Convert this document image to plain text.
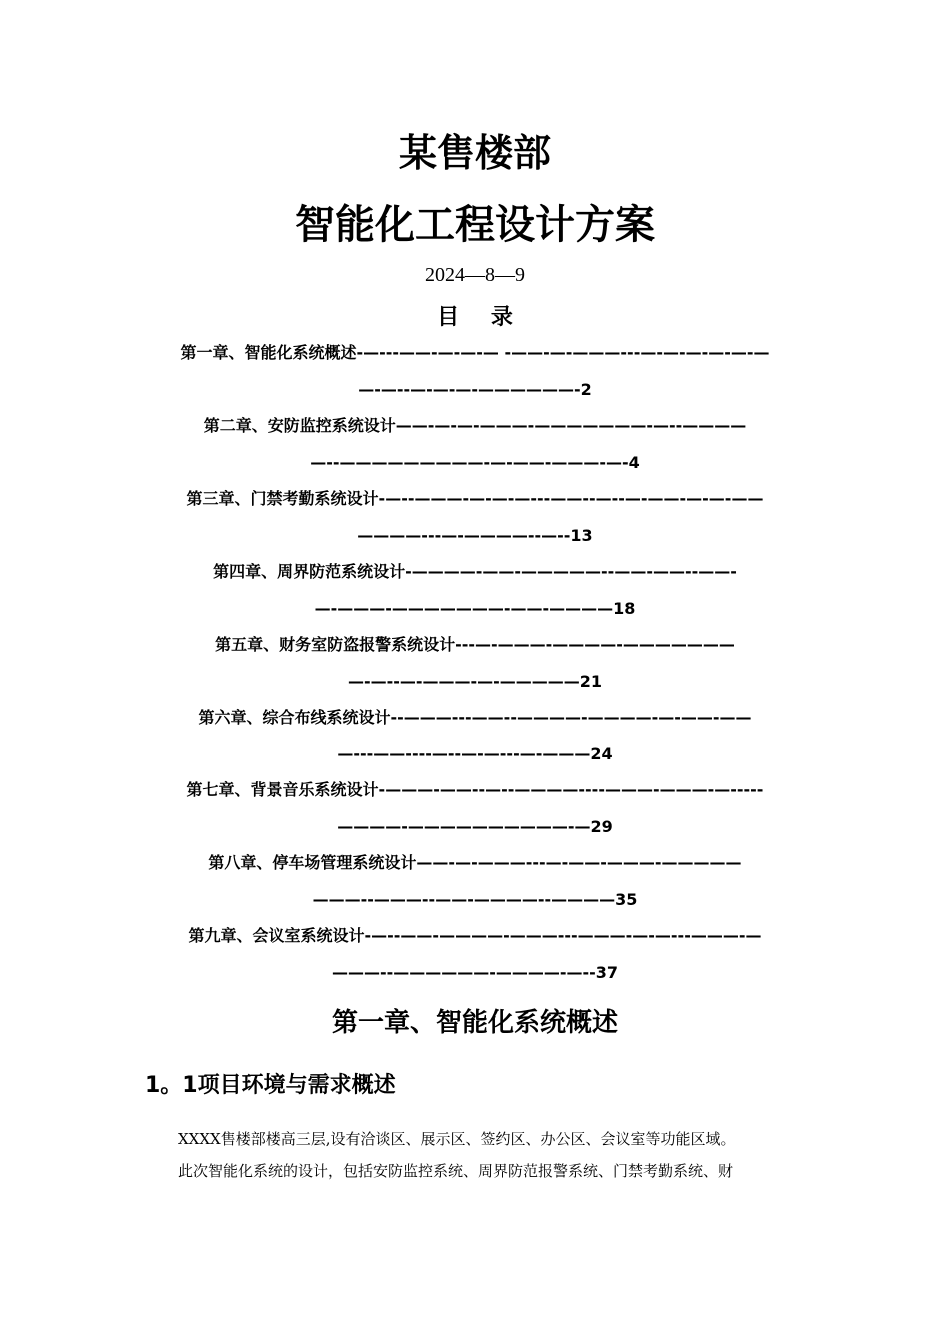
某售楼部
智能化工程设计方案
2024—8—9
目 录
第一章、智能化系统概述-—---——-—-—-— -——-—-———---—-—-—-—-—-—
—-—--—-—-—-——————-2
第二章、安防监控系统设计——-—-—-———-———————-—--————
—--—————————-—-——-———-—-4
第三章、门禁考勤系统设计-—--———-—-—-—---——--—--—-——-—-—-——
————---—-————--—--13
第四章、周界防范系统设计-————-——-—————--——-——--——-
—-———-———————-——-————18
第五章、财务室防盗报警系统设计---—-———-————-———————
—-—--—-———-—-—————21
第六章、综合布线系统设计--———---——--————-————-—-——-——
—---——----—--—-—---—-———24
第七章、背景音乐系统设计-———-——--—--————----———-———-—-----
————-——————————-—29
第八章、停车场管理系统设计——-—-———---—-——-———-—————
———--———--——-————--————35
第九章、会议室系统设计-—--——-————-———---———-—-—---———-—
———--——————-————-—--37
第一章、智能化系统概述
1。1项目环境与需求概述
XXXX售楼部楼高三层,设有洽谈区、展示区、签约区、办公区、会议室等功能区域。
此次智能化系统的设计，包括安防监控系统、周界防范报警系统、门禁考勤系统、财
